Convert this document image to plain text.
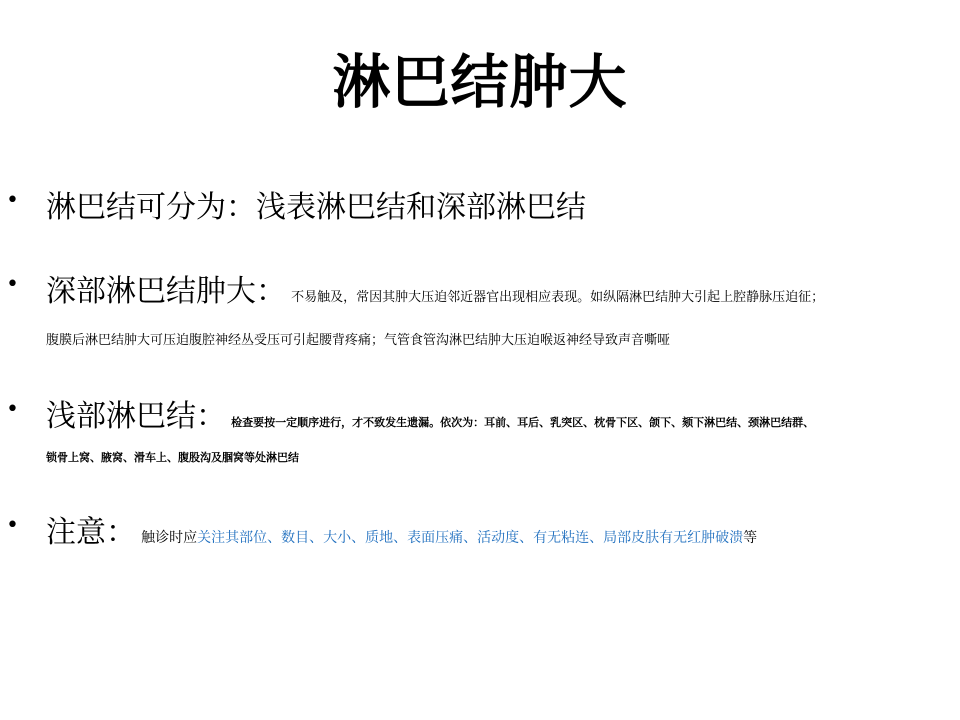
淋巴结肿大
• 淋巴结可分为：浅表淋巴结和深部淋巴结
• 深部淋巴结肿大： 不易触及，常因其肿大压迫邻近器官出现相应表现。如纵隔淋巴结肿大引起上腔静脉压迫征；
腹膜后淋巴结肿大可压迫腹腔神经丛受压可引起腰背疼痛；气管食管沟淋巴结肿大压迫喉返神经导致声音嘶哑
• 浅部淋巴结： 检查要按一定顺序进行，才不致发生遗漏。依次为：耳前、耳后、乳突区、枕骨下区、颌下、颏下淋巴结、颈淋巴结群、
锁骨上窝、腋窝、滑车上、腹股沟及腘窝等处淋巴结
• 注意： 触诊时应关注其部位、数目、大小、质地、表面压痛、活动度、有无粘连、局部皮肤有无红肿破溃等
